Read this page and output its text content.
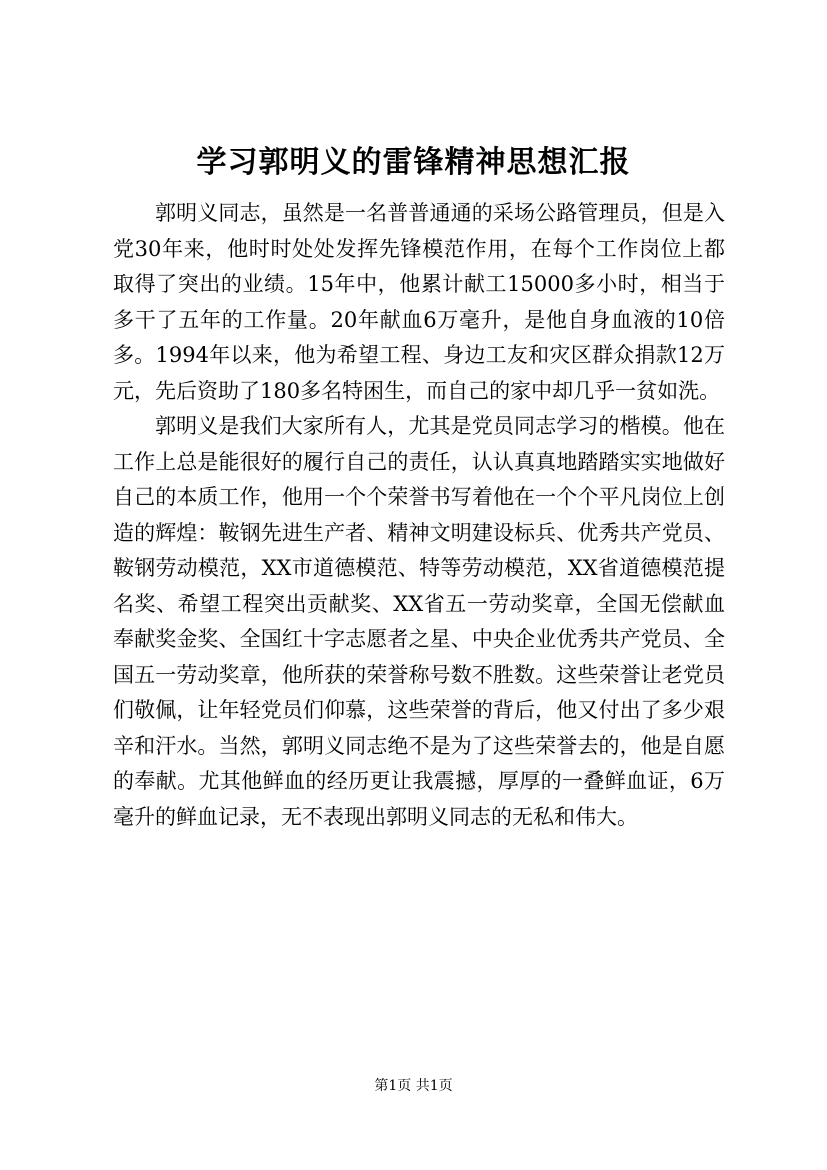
学习郭明义的雷锋精神思想汇报

郭明义同志，虽然是一名普普通通的采场公路管理员，但是入党30年来，他时时处处发挥先锋模范作用，在每个工作岗位上都取得了突出的业绩。15年中，他累计献工15000多小时，相当于多干了五年的工作量。20年献血6万毫升，是他自身血液的10倍多。1994年以来，他为希望工程、身边工友和灾区群众捐款12万元，先后资助了180多名特困生，而自己的家中却几乎一贫如洗。

郭明义是我们大家所有人，尤其是党员同志学习的楷模。他在工作上总是能很好的履行自己的责任，认认真真地踏踏实实地做好自己的本质工作，他用一个个荣誉书写着他在一个个平凡岗位上创造的辉煌：鞍钢先进生产者、精神文明建设标兵、优秀共产党员、鞍钢劳动模范，XX市道德模范、特等劳动模范，XX省道德模范提名奖、希望工程突出贡献奖、XX省五一劳动奖章，全国无偿献血奉献奖金奖、全国红十字志愿者之星、中央企业优秀共产党员、全国五一劳动奖章，他所获的荣誉称号数不胜数。这些荣誉让老党员们敬佩，让年轻党员们仰慕，这些荣誉的背后，他又付出了多少艰辛和汗水。当然，郭明义同志绝不是为了这些荣誉去的，他是自愿的奉献。尤其他鲜血的经历更让我震撼，厚厚的一叠鲜血证，6万毫升的鲜血记录，无不表现出郭明义同志的无私和伟大。

第1页 共1页
